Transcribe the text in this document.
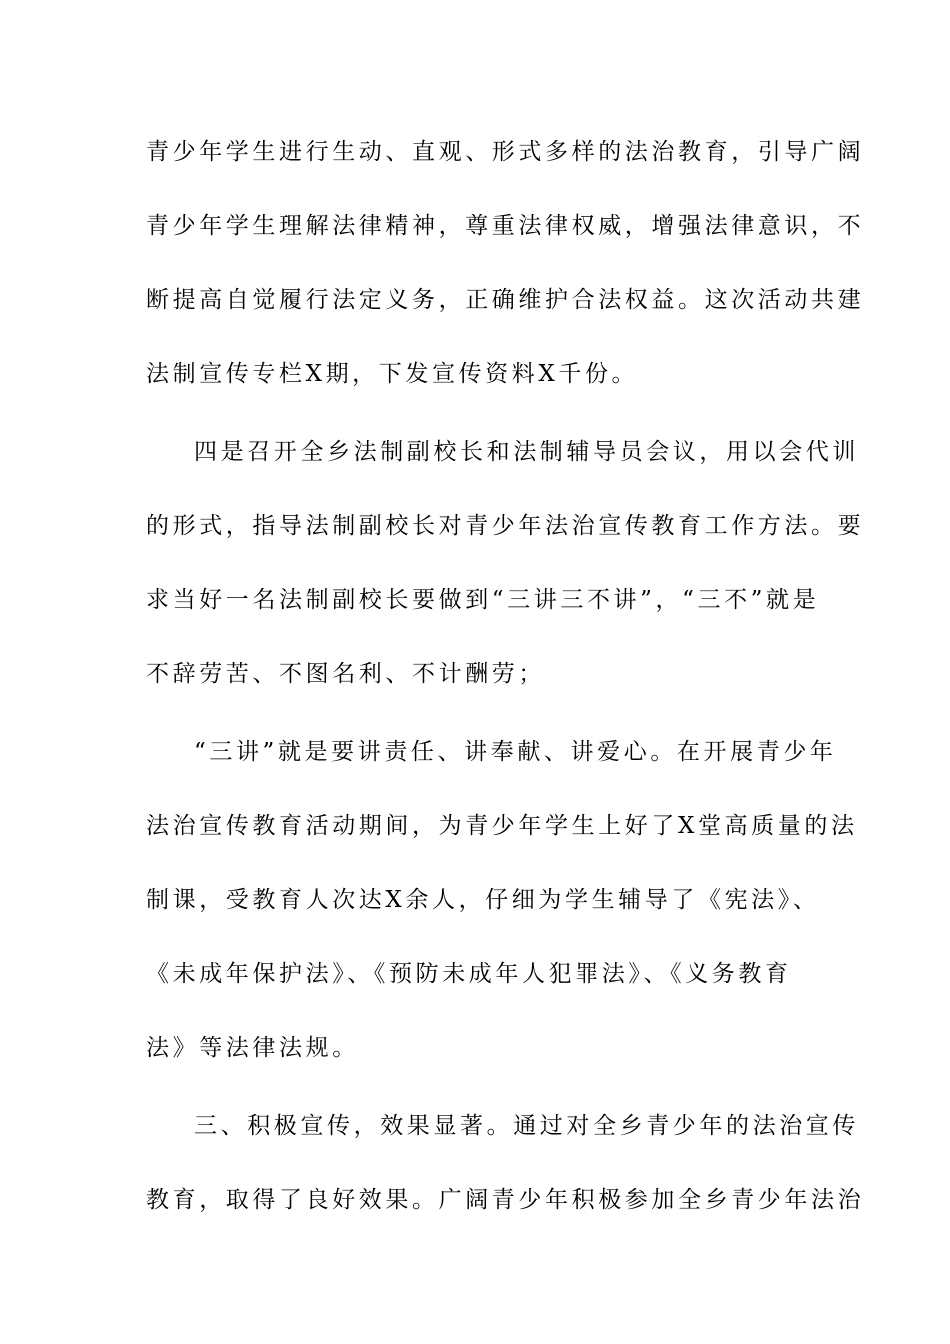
青少年学生进行生动、直观、形式多样的法治教育，引导广阔
青少年学生理解法律精神，尊重法律权威，增强法律意识，不
断提高自觉履行法定义务，正确维护合法权益。这次活动共建
法制宣传专栏X期，下发宣传资料X千份。
四是召开全乡法制副校长和法制辅导员会议，用以会代训
的形式，指导法制副校长对青少年法治宣传教育工作方法。要
求当好一名法制副校长要做到“三讲三不讲”，“三不”就是
不辞劳苦、不图名利、不计酬劳；
“三讲”就是要讲责任、讲奉献、讲爱心。在开展青少年
法治宣传教育活动期间，为青少年学生上好了X堂高质量的法
制课，受教育人次达X余人，仔细为学生辅导了《宪法》、
《未成年保护法》、《预防未成年人犯罪法》、《义务教育
法》等法律法规。
三、积极宣传，效果显著。通过对全乡青少年的法治宣传
教育，取得了良好效果。广阔青少年积极参加全乡青少年法治
